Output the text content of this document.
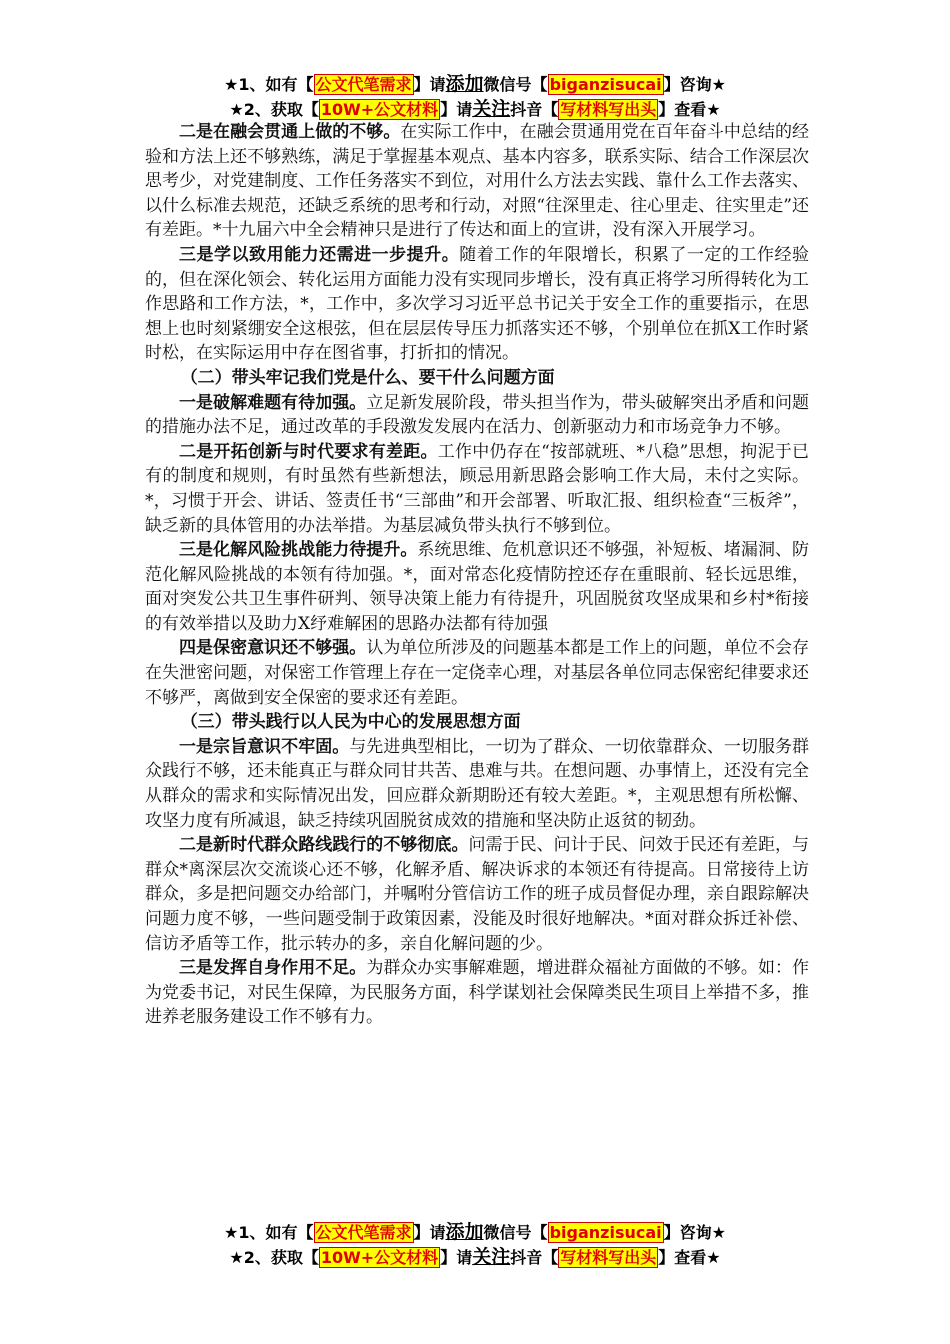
★1、如有【 公文代笔需求 】请添加微信号【 biganzisucai 】咨询★
★2、获取【 10W+公文材料 】请关注抖音【 写材料写出头 】查看★

二是在融会贯通上做的不够。在实际工作中，在融会贯通用党在百年奋斗中总结的经验和方法上还不够熟练，满足于掌握基本观点、基本内容多，联系实际、结合工作深层次思考少，对党建制度、工作任务落实不到位，对用什么方法去实践、靠什么工作去落实、以什么标准去规范，还缺乏系统的思考和行动，对照“往深里走、往心里走、往实里走”还有差距。*十九届六中全会精神只是进行了传达和面上的宣讲，没有深入开展学习。

三是学以致用能力还需进一步提升。随着工作的年限增长，积累了一定的工作经验的，但在深化领会、转化运用方面能力没有实现同步增长，没有真正将学习所得转化为工作思路和工作方法，*，工作中，多次学习习近平总书记关于安全工作的重要指示，在思想上也时刻紧绷安全这根弦，但在层层传导压力抓落实还不够，个别单位在抓X工作时紧时松，在实际运用中存在图省事，打折扣的情况。

（二）带头牢记我们党是什么、要干什么问题方面

一是破解难题有待加强。立足新发展阶段，带头担当作为，带头破解突出矛盾和问题的措施办法不足，通过改革的手段激发发展内在活力、创新驱动力和市场竞争力不够。

二是开拓创新与时代要求有差距。工作中仍存在“按部就班、*八稳”思想，拘泥于已有的制度和规则，有时虽然有些新想法，顾忌用新思路会影响工作大局，未付之实际。*，习惯于开会、讲话、签责任书“三部曲”和开会部署、听取汇报、组织检查“三板斧”，缺乏新的具体管用的办法举措。为基层减负带头执行不够到位。

三是化解风险挑战能力待提升。系统思维、危机意识还不够强，补短板、堵漏洞、防范化解风险挑战的本领有待加强。*，面对常态化疫情防控还存在重眼前、轻长远思维，面对突发公共卫生事件研判、领导决策上能力有待提升，巩固脱贫攻坚成果和乡村*衔接的有效举措以及助力X纾难解困的思路办法都有待加强

四是保密意识还不够强。认为单位所涉及的问题基本都是工作上的问题，单位不会存在失泄密问题，对保密工作管理上存在一定侥幸心理，对基层各单位同志保密纪律要求还不够严，离做到安全保密的要求还有差距。

（三）带头践行以人民为中心的发展思想方面

一是宗旨意识不牢固。与先进典型相比，一切为了群众、一切依靠群众、一切服务群众践行不够，还未能真正与群众同甘共苦、患难与共。在想问题、办事情上，还没有完全从群众的需求和实际情况出发，回应群众新期盼还有较大差距。*，主观思想有所松懈、攻坚力度有所减退，缺乏持续巩固脱贫成效的措施和坚决防止返贫的韧劲。

二是新时代群众路线践行的不够彻底。问需于民、问计于民、问效于民还有差距，与群众*离深层次交流谈心还不够，化解矛盾、解决诉求的本领还有待提高。日常接待上访群众，多是把问题交办给部门，并嘱咐分管信访工作的班子成员督促办理，亲自跟踪解决问题力度不够，一些问题受制于政策因素，没能及时很好地解决。*面对群众拆迁补偿、信访矛盾等工作，批示转办的多，亲自化解问题的少。

三是发挥自身作用不足。为群众办实事解难题，增进群众福祉方面做的不够。如：作为党委书记，对民生保障，为民服务方面，科学谋划社会保障类民生项目上举措不多，推进养老服务建设工作不够有力。

★1、如有【 公文代笔需求 】请添加微信号【 biganzisucai 】咨询★
★2、获取【 10W+公文材料 】请关注抖音【 写材料写出头 】查看★
